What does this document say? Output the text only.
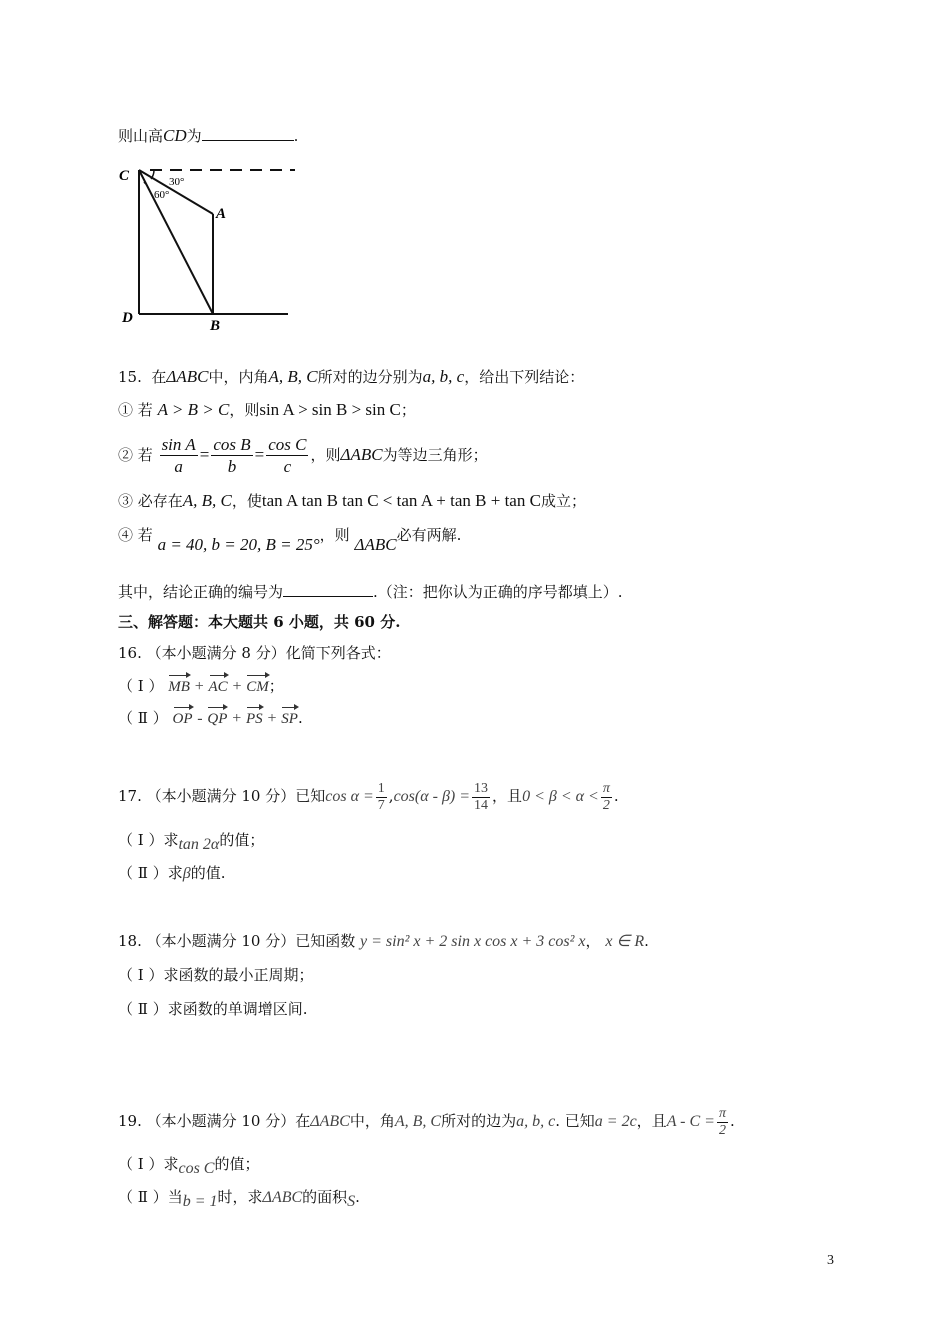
则山高CD为	.
C	30°
60°
A
D	B
15. 在ΔABC中，内角A, B, C所对的边分别为a, b, c，给出下列结论：
① 若 A > B > C，则sin A > sin B > sin C；
② 若 $\frac{\text{sin A}}{a} = \frac{\text{cos B}}{b} = \frac{\text{cos C}}{c}$ ，则ΔABC为等边三角形；
③ 必存在A, B, C，使tan A tan B tan C < tan A + tan B + tan C成立；
④ 若 a = 40, b = 20, B = 25°，则 ΔABC必有两解.
其中，结论正确的编号为	.（注：把你认为正确的序号都填上）.
三、解答题：本大题共 6 小题，共 60 分.
16. （本小题满分 8 分）化简下列各式：
（ Ⅰ ） MB + AC + CM；
（ Ⅱ ） OP - QP + PS + SP.
17. （本小题满分 10 分）已知$\cos \alpha = \frac{1}{7} ,\cos(\alpha - \beta) = \frac{13}{14}$ ，且$0 < \beta < \alpha < \frac{\pi}{2}$ .
（ Ⅰ ）求tan 2α的值；
（ Ⅱ ）求β的值.
18. （本小题满分 10 分）已知函数 y = sin² x + 2 sin x cos x + 3 cos² x， x ∈ R.
（ Ⅰ ）求函数的最小正周期；
（ Ⅱ ）求函数的单调增区间.
19. （本小题满分 10 分）在ΔABC中，角A, B, C所对的边为a, b, c. 已知a = 2c，且$A - C = \frac{\pi}{2}$ .
（ Ⅰ ）求cos C的值；
（ Ⅱ ）当b = 1时，求ΔABC的面积S.
3
